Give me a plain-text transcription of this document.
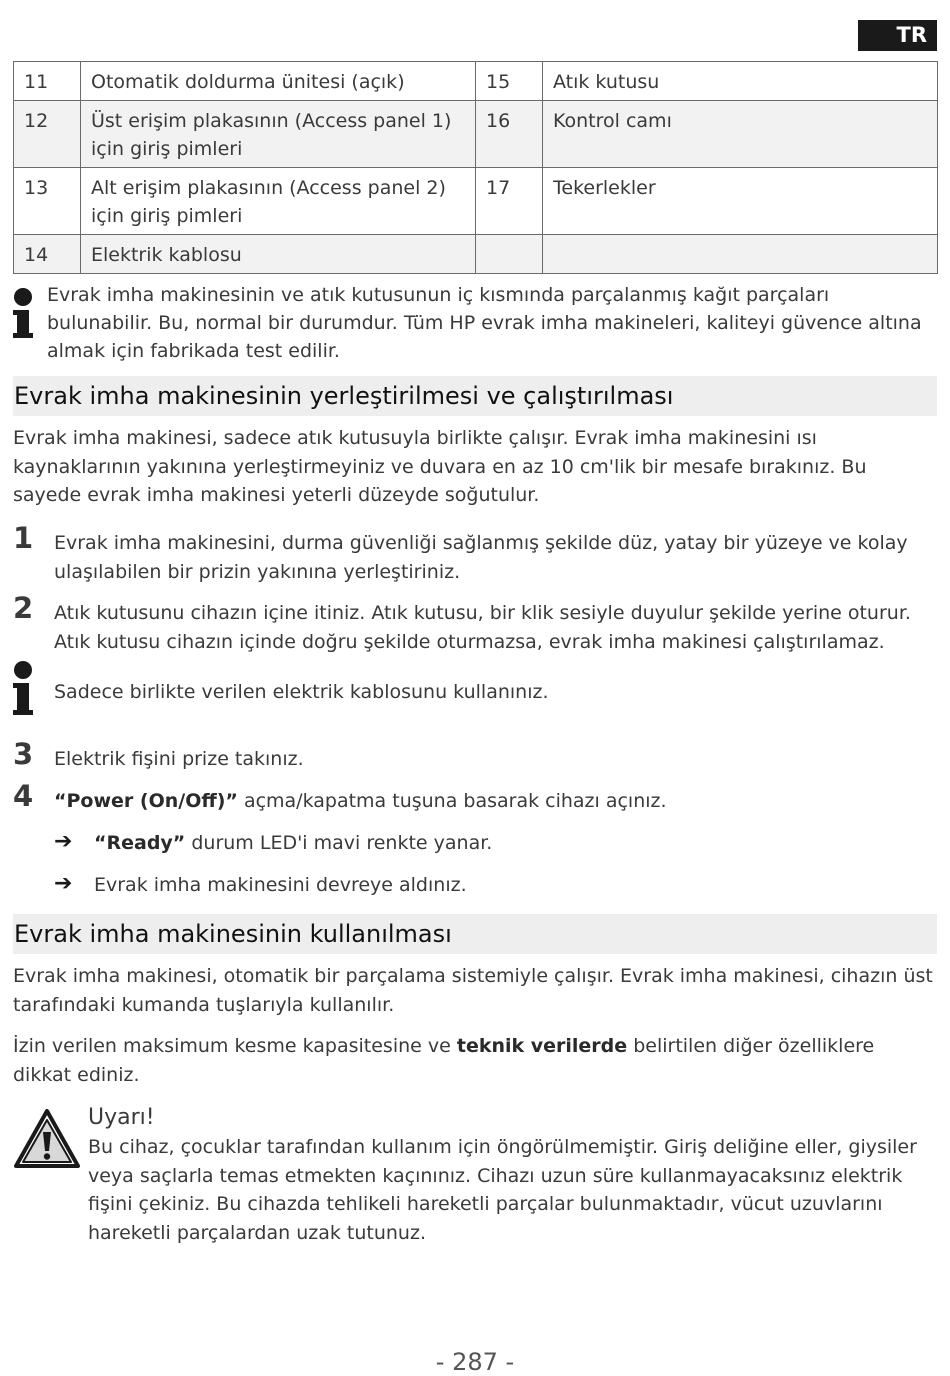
TR
11	Otomatik doldurma ünitesi (açık)	15	Atık kutusu
12	Üst erişim plakasının (Access panel 1) için giriş pimleri	16	Kontrol camı
13	Alt erişim plakasının (Access panel 2) için giriş pimleri	17	Tekerlekler
14	Elektrik kablosu		
Evrak imha makinesinin ve atık kutusunun iç kısmında parçalanmış kağıt parçaları bulunabilir. Bu, normal bir durumdur. Tüm HP evrak imha makineleri, kaliteyi güvence altına almak için fabrikada test edilir.
Evrak imha makinesinin yerleştirilmesi ve çalıştırılması
Evrak imha makinesi, sadece atık kutusuyla birlikte çalışır. Evrak imha makinesini ısı kaynaklarının yakınına yerleştirmeyiniz ve duvara en az 10 cm'lik bir mesafe bırakınız. Bu sayede evrak imha makinesi yeterli düzeyde soğutulur.
1 Evrak imha makinesini, durma güvenliği sağlanmış şekilde düz, yatay bir yüzeye ve kolay ulaşılabilen bir prizin yakınına yerleştiriniz.
2 Atık kutusunu cihazın içine itiniz. Atık kutusu, bir klik sesiyle duyulur şekilde yerine oturur. Atık kutusu cihazın içinde doğru şekilde oturmazsa, evrak imha makinesi çalıştırılamaz.
Sadece birlikte verilen elektrik kablosunu kullanınız.
3 Elektrik fişini prize takınız.
4 “Power (On/Off)” açma/kapatma tuşuna basarak cihazı açınız.
➔ “Ready” durum LED'i mavi renkte yanar.
➔ Evrak imha makinesini devreye aldınız.
Evrak imha makinesinin kullanılması
Evrak imha makinesi, otomatik bir parçalama sistemiyle çalışır. Evrak imha makinesi, cihazın üst tarafındaki kumanda tuşlarıyla kullanılır.
İzin verilen maksimum kesme kapasitesine ve teknik verilerde belirtilen diğer özelliklere dikkat ediniz.
Uyarı!
Bu cihaz, çocuklar tarafından kullanım için öngörülmemiştir. Giriş deliğine eller, giysiler veya saçlarla temas etmekten kaçınınız. Cihazı uzun süre kullanmayacaksınız elektrik fişini çekiniz. Bu cihazda tehlikeli hareketli parçalar bulunmaktadır, vücut uzuvlarını hareketli parçalardan uzak tutunuz.
- 287 -
